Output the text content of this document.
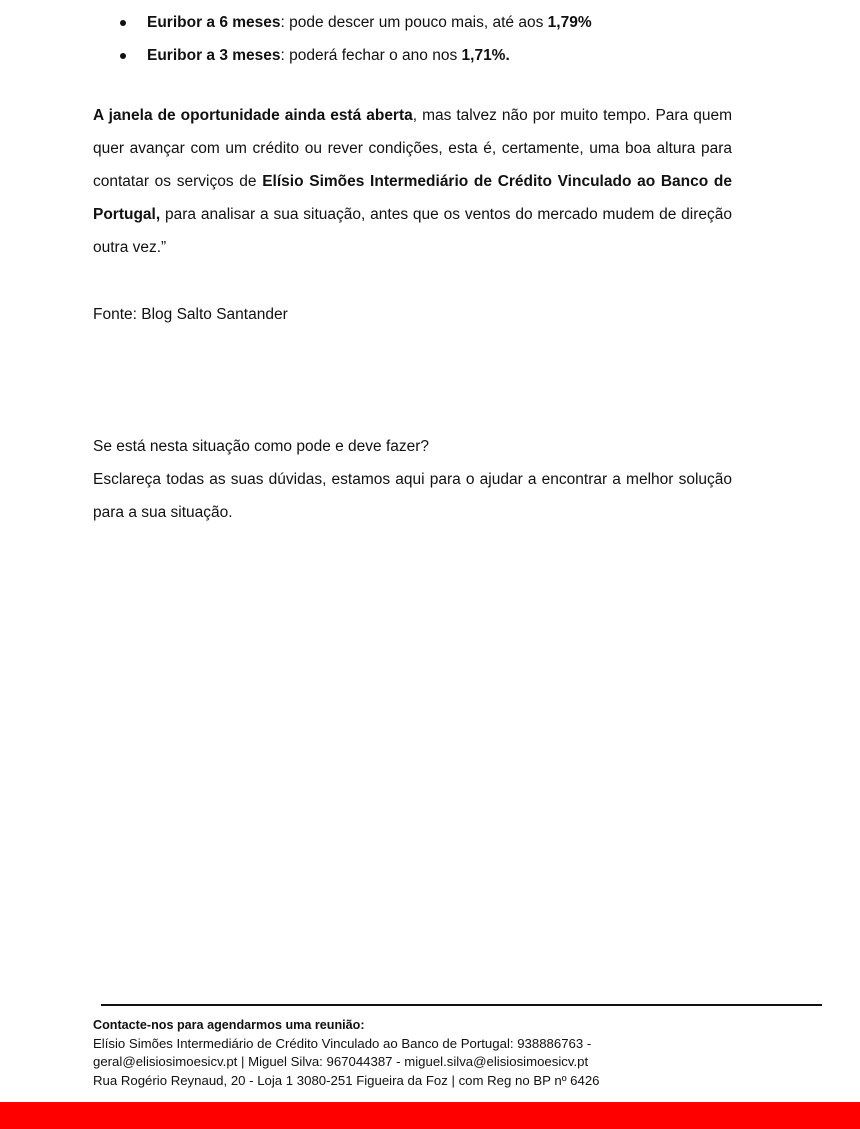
Euribor a 6 meses: pode descer um pouco mais, até aos 1,79%
Euribor a 3 meses: poderá fechar o ano nos 1,71%.

A janela de oportunidade ainda está aberta, mas talvez não por muito tempo. Para quem quer avançar com um crédito ou rever condições, esta é, certamente, uma boa altura para contatar os serviços de Elísio Simões Intermediário de Crédito Vinculado ao Banco de Portugal, para analisar a sua situação, antes que os ventos do mercado mudem de direção outra vez.”

Fonte: Blog Salto Santander

Se está nesta situação como pode e deve fazer?
Esclareça todas as suas dúvidas, estamos aqui para o ajudar a encontrar a melhor solução para a sua situação.
Contacte-nos para agendarmos uma reunião:
Elísio Simões Intermediário de Crédito Vinculado ao Banco de Portugal: 938886763 -
geral@elisiosimoesicv.pt | Miguel Silva: 967044387 - miguel.silva@elisiosimoesicv.pt
Rua Rogério Reynaud, 20 - Loja 1 3080-251 Figueira da Foz | com Reg no BP nº 6426
